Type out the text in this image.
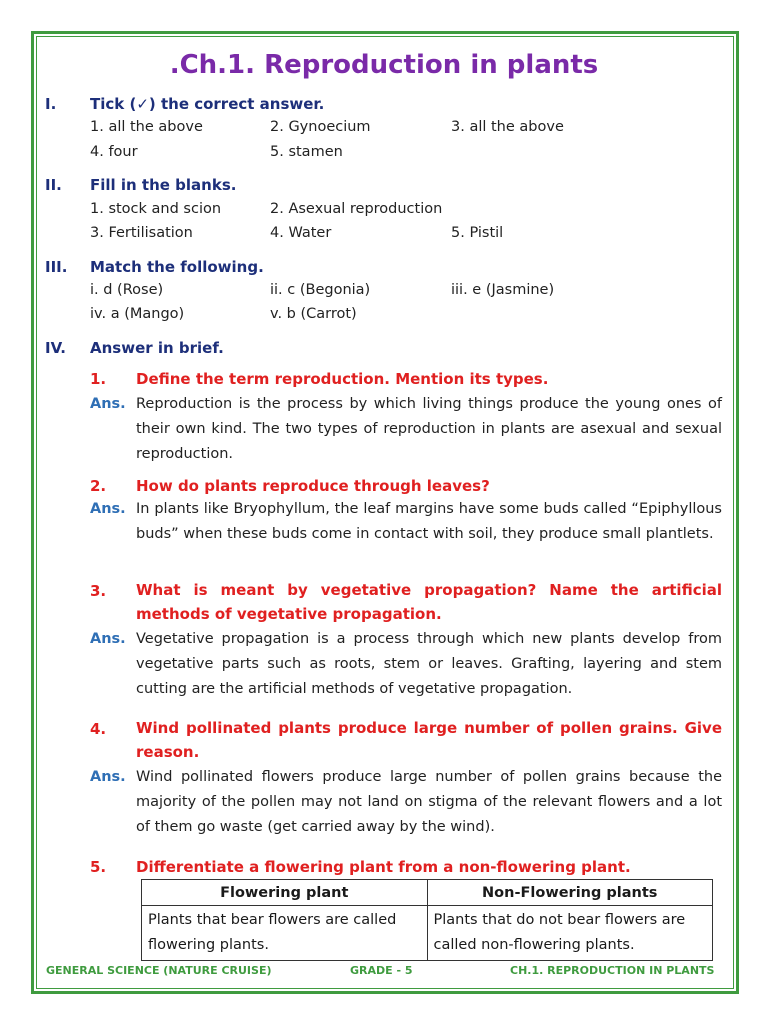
.Ch.1. Reproduction in plants
I. Tick (✓) the correct answer.
1. all the above	2. Gynoecium	3. all the above
4. four	5. stamen
II. Fill in the blanks.
1. stock and scion	2. Asexual reproduction
3. Fertilisation	4. Water	5. Pistil
III. Match the following.
i. d (Rose)	ii. c (Begonia)	iii. e (Jasmine)
iv. a (Mango)	v. b (Carrot)
IV. Answer in brief.
1. Define the term reproduction. Mention its types.
Ans. Reproduction is the process by which living things produce the young ones of their own kind. The two types of reproduction in plants are asexual and sexual reproduction.
2. How do plants reproduce through leaves?
Ans. In plants like Bryophyllum, the leaf margins have some buds called “Epiphyllous buds” when these buds come in contact with soil, they produce small plantlets.
3. What is meant by vegetative propagation? Name the artificial methods of vegetative propagation.
Ans. Vegetative propagation is a process through which new plants develop from vegetative parts such as roots, stem or leaves. Grafting, layering and stem cutting are the artificial methods of vegetative propagation.
4. Wind pollinated plants produce large number of pollen grains. Give reason.
Ans. Wind pollinated flowers produce large number of pollen grains because the majority of the pollen may not land on stigma of the relevant flowers and a lot of them go waste (get carried away by the wind).
5. Differentiate a flowering plant from a non-flowering plant.
Flowering plant	Non-Flowering plants
Plants that bear flowers are called flowering plants.	Plants that do not bear flowers are called non-flowering plants.
GENERAL SCIENCE (NATURE CRUISE)	GRADE - 5	CH.1. REPRODUCTION IN PLANTS
